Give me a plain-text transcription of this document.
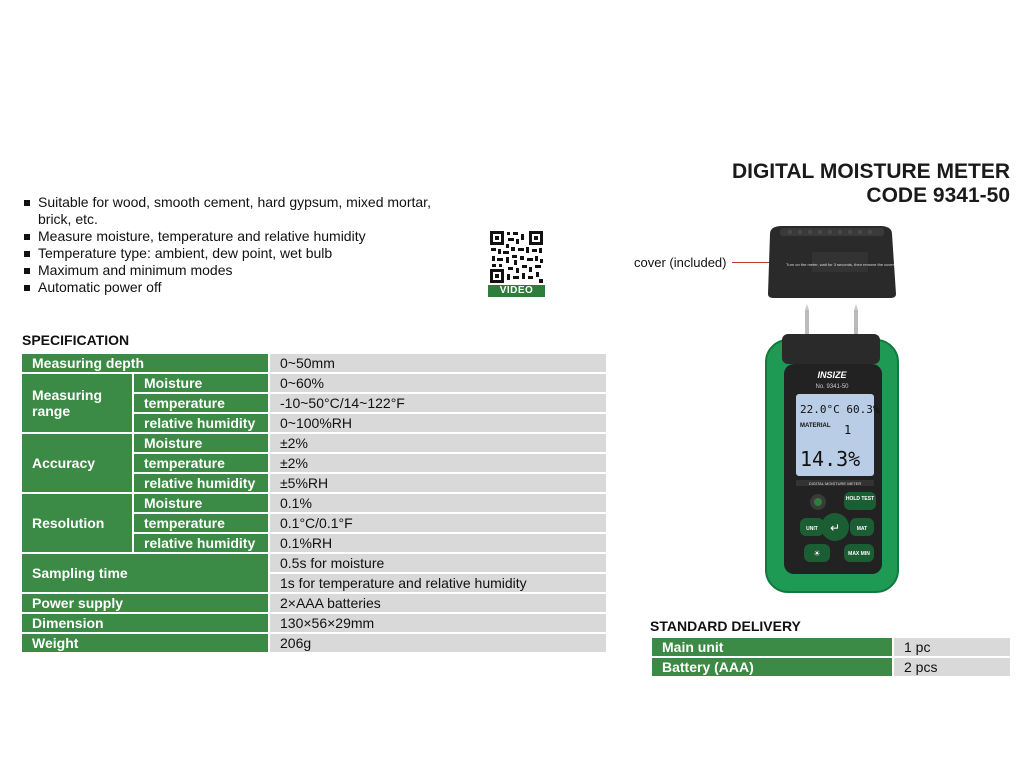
DIGITAL MOISTURE METER
CODE 9341-50
Suitable for wood, smooth cement, hard gypsum, mixed mortar, brick, etc.
Measure moisture, temperature and relative humidity
Temperature type: ambient, dew point, wet bulb
Maximum and minimum modes
Automatic power off	VIDEO
cover (included)	Turn on the meter, wait for 3 seconds, then remove the cover
INSIZE
No. 9341-50
22.0°C 60.3%
MATERIAL 1
14.3%
DIGITAL MOISTURE METER
HOLD TEST
UNIT ↵	MAT
☀	MAX MIN
SPECIFICATION
Measuring depth		0~50mm
Measuring range	Moisture	0~60%
	temperature	-10~50°C/14~122°F
	relative humidity	0~100%RH
Accuracy	Moisture	±2%
	temperature	±2%
	relative humidity	±5%RH
Resolution	Moisture	0.1%
	temperature	0.1°C/0.1°F
	relative humidity	0.1%RH
Sampling time		0.5s for moisture
		1s for temperature and relative humidity
Power supply		2×AAA batteries
Dimension		130×56×29mm
Weight		206g
STANDARD DELIVERY
Main unit	1 pc
Battery (AAA)	2 pcs
